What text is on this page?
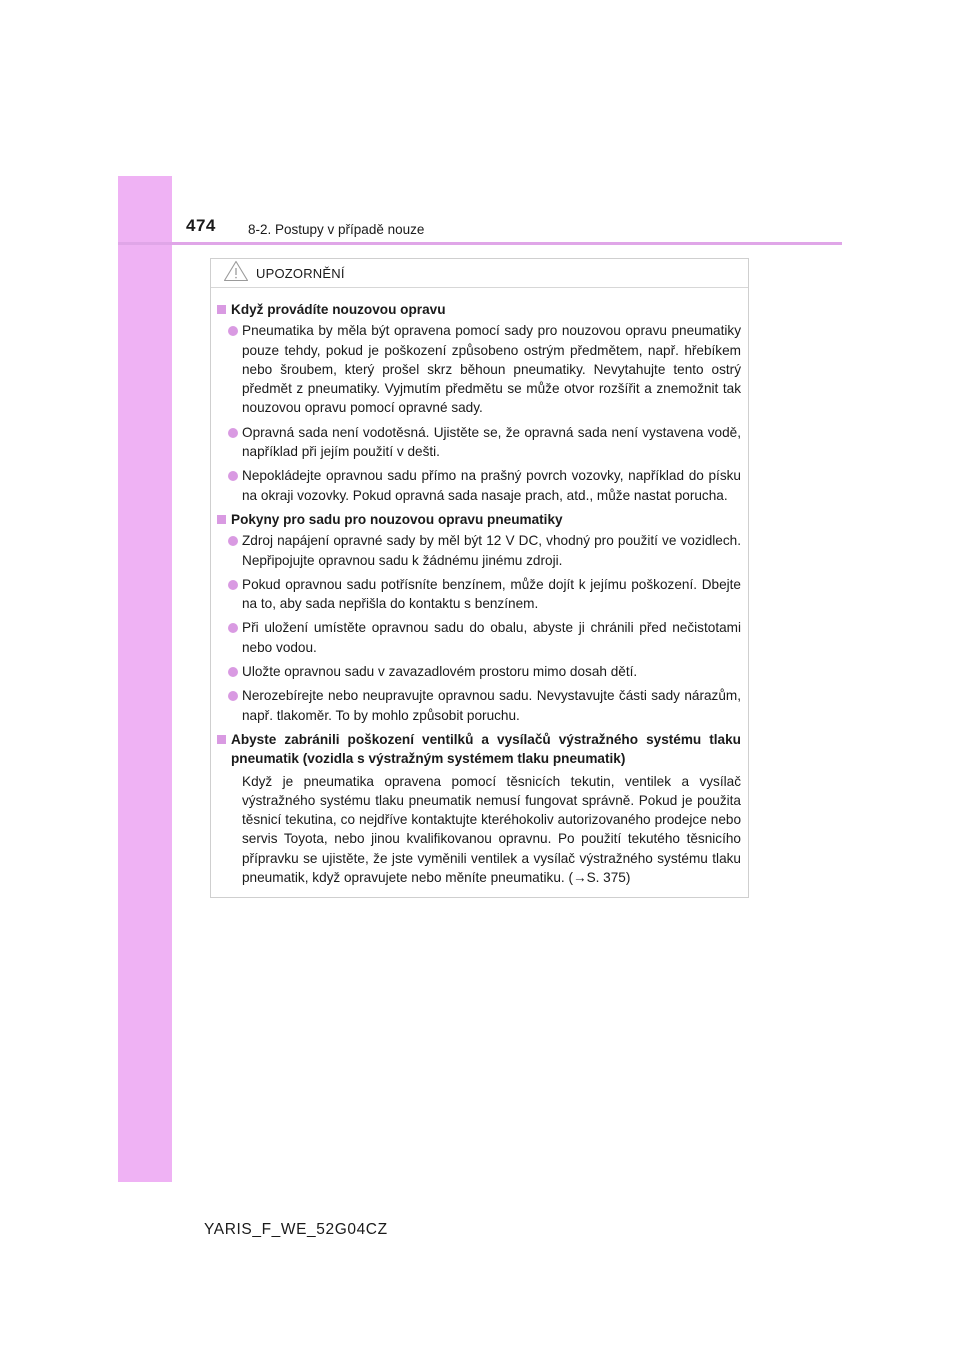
474 8-2. Postupy v případě nouze
UPOZORNĚNÍ
Když provádíte nouzovou opravu
Pneumatika by měla být opravena pomocí sady pro nouzovou opravu pneumatiky pouze tehdy, pokud je poškození způsobeno ostrým předmětem, např. hřebíkem nebo šroubem, který prošel skrz běhoun pneumatiky. Nevytahujte tento ostrý předmět z pneumatiky. Vyjmutím předmětu se může otvor rozšířit a znemožnit tak nouzovou opravu pomocí opravné sady.
Opravná sada není vodotěsná. Ujistěte se, že opravná sada není vystavena vodě, například při jejím použití v dešti.
Nepokládejte opravnou sadu přímo na prašný povrch vozovky, například do písku na okraji vozovky. Pokud opravná sada nasaje prach, atd., může nastat porucha.
Pokyny pro sadu pro nouzovou opravu pneumatiky
Zdroj napájení opravné sady by měl být 12 V DC, vhodný pro použití ve vozidlech. Nepřipojujte opravnou sadu k žádnému jinému zdroji.
Pokud opravnou sadu potřísníte benzínem, může dojít k jejímu poškození. Dbejte na to, aby sada nepřišla do kontaktu s benzínem.
Při uložení umístěte opravnou sadu do obalu, abyste ji chránili před nečistotami nebo vodou.
Uložte opravnou sadu v zavazadlovém prostoru mimo dosah dětí.
Nerozebírejte nebo neupravujte opravnou sadu. Nevystavujte části sady nárazům, např. tlakoměr. To by mohlo způsobit poruchu.
Abyste zabránili poškození ventilků a vysílačů výstražného systému tlaku pneumatik (vozidla s výstražným systémem tlaku pneumatik)
Když je pneumatika opravena pomocí těsnicích tekutin, ventilek a vysílač výstražného systému tlaku pneumatik nemusí fungovat správně. Pokud je použita těsnicí tekutina, co nejdříve kontaktujte kteréhokoliv autorizovaného prodejce nebo servis Toyota, nebo jinou kvalifikovanou opravnu. Po použití tekutého těsnicího přípravku se ujistěte, že jste vyměnili ventilek a vysílač výstražného systému tlaku pneumatik, když opravujete nebo měníte pneumatiku. (→S. 375)
YARIS_F_WE_52G04CZ
